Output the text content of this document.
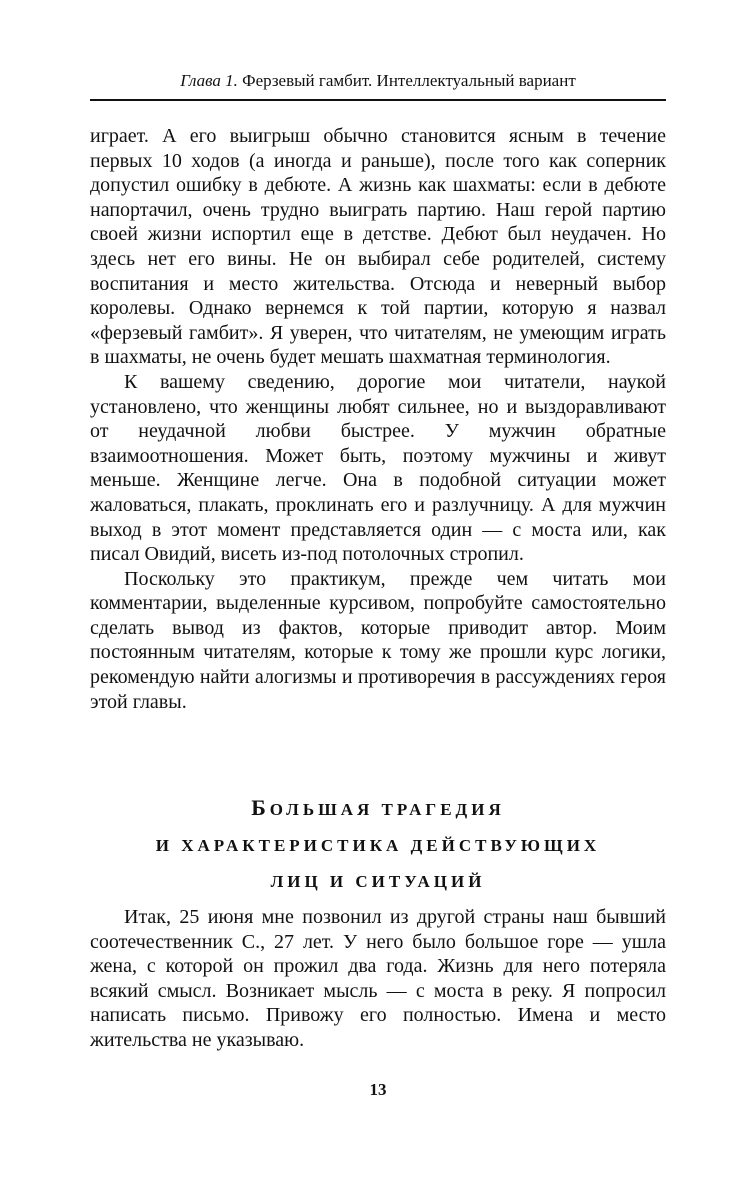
Глава 1. Ферзевый гамбит. Интеллектуальный вариант

играет. А его выигрыш обычно становится ясным в течение первых 10 ходов (а иногда и раньше), после того как соперник допустил ошибку в дебюте. А жизнь как шахматы: если в дебюте напортачил, очень трудно выиграть партию. Наш герой партию своей жизни испортил еще в детстве. Дебют был неудачен. Но здесь нет его вины. Не он выбирал себе родителей, систему воспитания и место жительства. Отсюда и неверный выбор королевы. Однако вернемся к той партии, которую я назвал «ферзевый гамбит». Я уверен, что читателям, не умеющим играть в шахматы, не очень будет мешать шахматная терминология.

К вашему сведению, дорогие мои читатели, наукой установлено, что женщины любят сильнее, но и выздоравливают от неудачной любви быстрее. У мужчин обратные взаимоотношения. Может быть, поэтому мужчины и живут меньше. Женщине легче. Она в подобной ситуации может жаловаться, плакать, проклинать его и разлучницу. А для мужчин выход в этот момент представляется один — с моста или, как писал Овидий, висеть из-под потолочных стропил.

Поскольку это практикум, прежде чем читать мои комментарии, выделенные курсивом, попробуйте самостоятельно сделать вывод из фактов, которые приводит автор. Моим постоянным читателям, которые к тому же прошли курс логики, рекомендую найти алогизмы и противоречия в рассуждениях героя этой главы.

БОЛЬШАЯ ТРАГЕДИЯ
И ХАРАКТЕРИСТИКА ДЕЙСТВУЮЩИХ
ЛИЦ И СИТУАЦИЙ

Итак, 25 июня мне позвонил из другой страны наш бывший соотечественник С., 27 лет. У него было большое горе — ушла жена, с которой он прожил два года. Жизнь для него потеряла всякий смысл. Возникает мысль — с моста в реку. Я попросил написать письмо. Привожу его полностью. Имена и место жительства не указываю.

13
